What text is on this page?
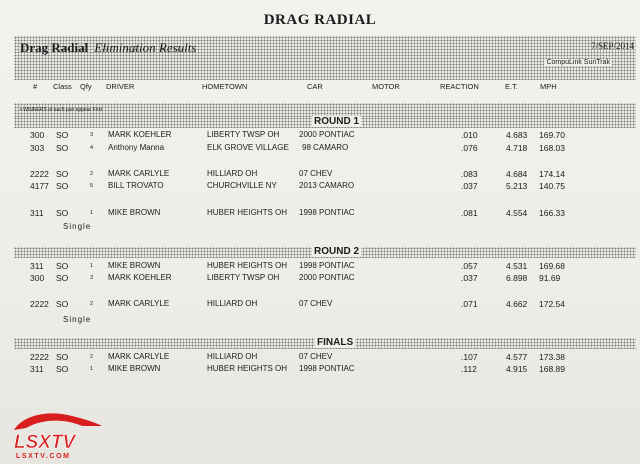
DRAG RADIAL
Drag Radial Elimination Results	7/SEP/2014
CompuLink SunTrak
# Class Qfy DRIVER	HOMETOWN	CAR	MOTOR	REACTION	E.T.	MPH
• WINNERS of each pair appear First
ROUND 1
300 SO	3 MARK KOEHLER	LIBERTY TWSP OH 2000 PONTIAC	.010	4.683 169.70
303 SO	4 Anthony Manna	ELK GROVE VILLAGE 98 CAMARO	.076	4.718 168.03
2222 SO	2 MARK CARLYLE	HILLIARD OH	07 CHEV	.083	4.684 174.14
4177 SO	5 BILL TROVATO	CHURCHVILLE NY	2013 CAMARO	.037	5.213 140.75
311 SO	1 MIKE BROWN	HUBER HEIGHTS OH 1998 PONTIAC	.081	4.554 166.33
Single
ROUND 2
311 SO	1 MIKE BROWN	HUBER HEIGHTS OH 1998 PONTIAC	.057	4.531 169.68
300 SO	3 MARK KOEHLER	LIBERTY TWSP OH 2000 PONTIAC	.037	6.898 91.69
2222 SO	2 MARK CARLYLE	HILLIARD OH	07 CHEV	.071	4.662 172.54
Single
FINALS
2222 SO	2 MARK CARLYLE	HILLIARD OH	07 CHEV	.107	4.577 173.38
311 SO	1 MIKE BROWN	HUBER HEIGHTS OH 1998 PONTIAC	.112	4.915 168.89
LSXTV
LSXTV.COM
